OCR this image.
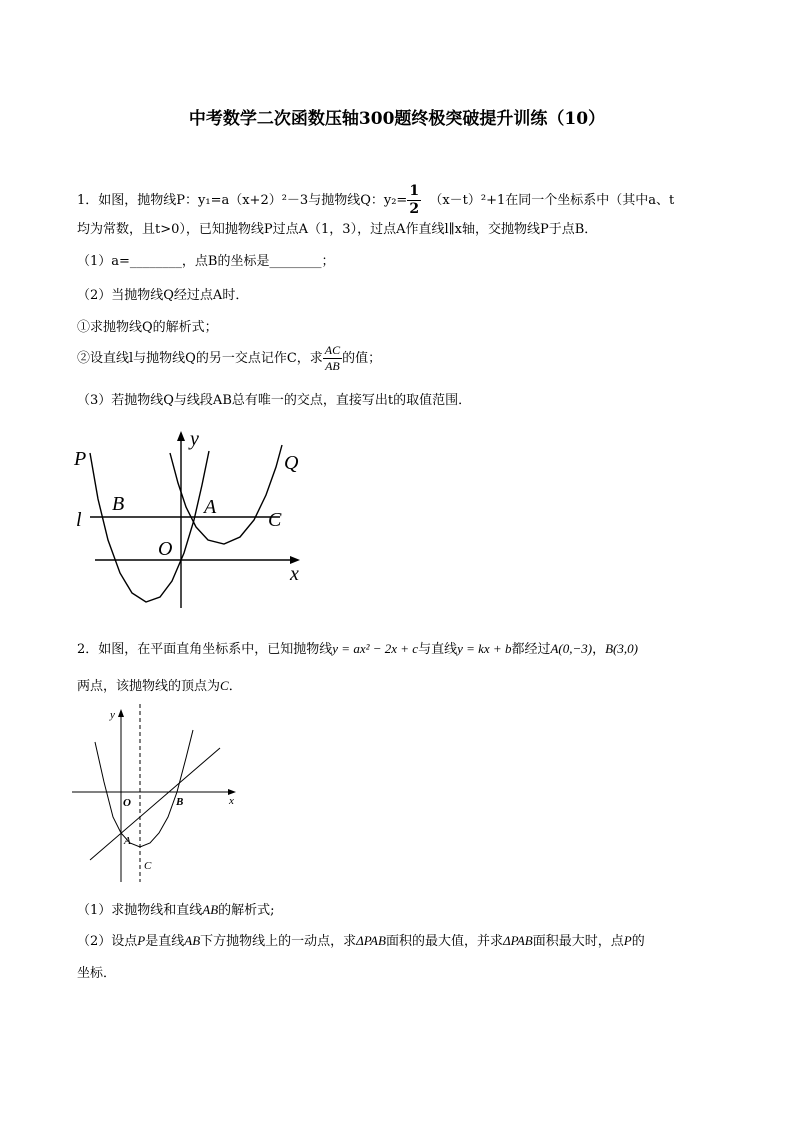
中考数学二次函数压轴300题终极突破提升训练（10）
1．如图，抛物线P：y₁=a（x+2）²－3与抛物线Q：$y_2= \frac{1}{2} (x-t)^2+1$在同一个坐标系中（其中a、t
均为常数，且t>0），已知抛物线P过点A（1，3），过点A作直线l∥x轴，交抛物线P于点B．
（1）a=________，点B的坐标是________；
（2）当抛物线Q经过点A时．
①求抛物线Q的解析式；
②设直线l与抛物线Q的另一交点记作C，求 $\frac{AC}{AB}$ 的值；
（3）若抛物线Q与线段AB总有唯一的交点，直接写出t的取值范围．
P
y
Q
B	A
l	C
O
x
2．如图，在平面直角坐标系中，已知抛物线y = ax² − 2x + c与直线y = kx + b都经过A(0,−3)，B(3,0)
两点，该抛物线的顶点为C．
y
x
O	B
A
C
（1）求抛物线和直线AB的解析式;
（2）设点P是直线AB下方抛物线上的一动点，求ΔPAB面积的最大值，并求ΔPAB面积最大时，点P的
坐标．
